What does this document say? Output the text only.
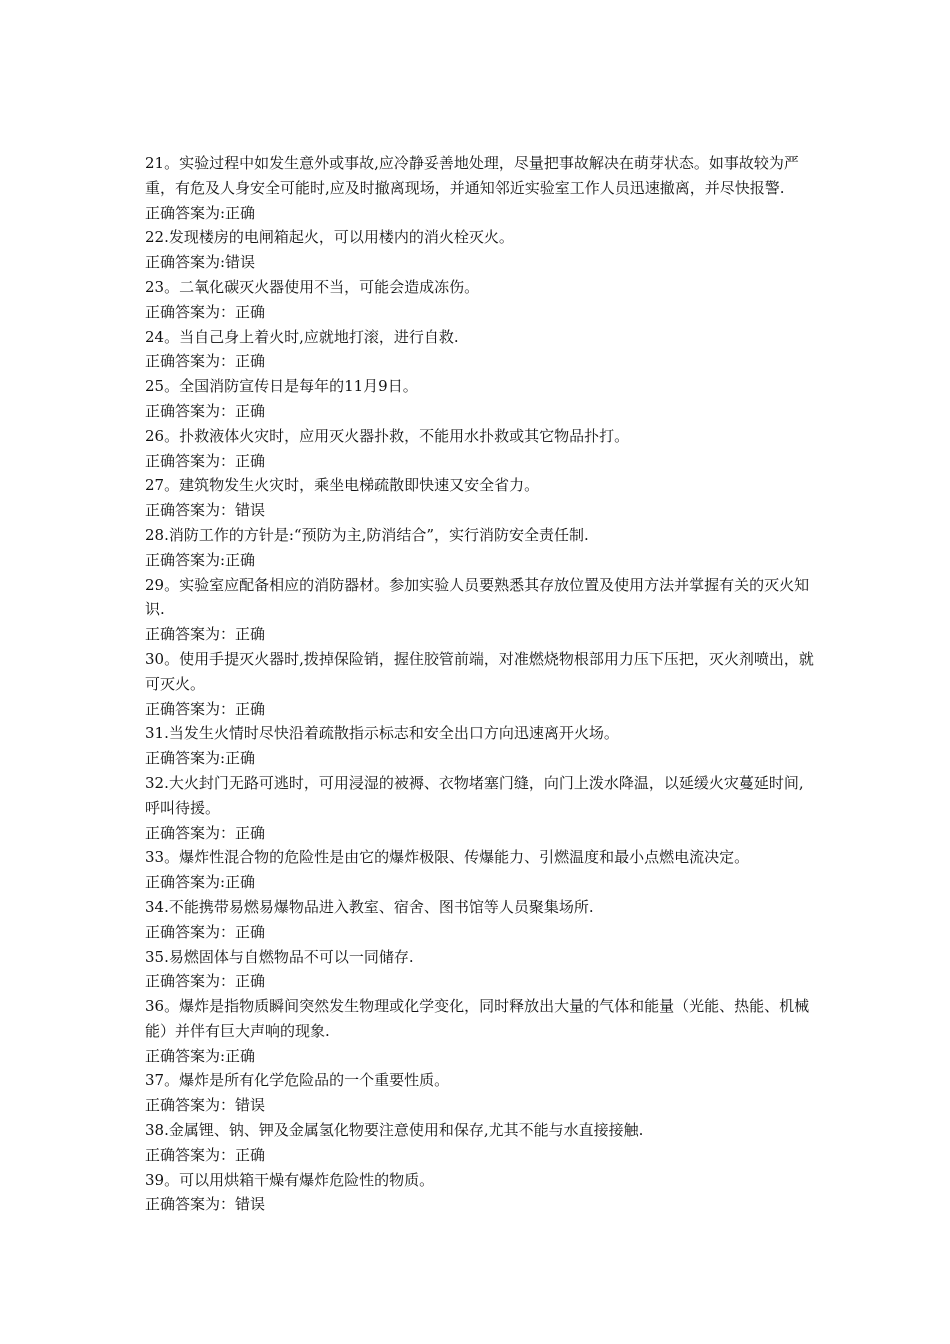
21。实验过程中如发生意外或事故,应冷静妥善地处理，尽量把事故解决在萌芽状态。如事故较为严重，有危及人身安全可能时,应及时撤离现场，并通知邻近实验室工作人员迅速撤离，并尽快报警.

正确答案为:正确

22.发现楼房的电闸箱起火，可以用楼内的消火栓灭火。

正确答案为:错误

23。二氧化碳灭火器使用不当，可能会造成冻伤。

正确答案为：正确

24。当自己身上着火时,应就地打滚，进行自救.

正确答案为：正确

25。全国消防宣传日是每年的11月9日。

正确答案为：正确

26。扑救液体火灾时，应用灭火器扑救，不能用水扑救或其它物品扑打。

正确答案为：正确

27。建筑物发生火灾时，乘坐电梯疏散即快速又安全省力。

正确答案为：错误

28.消防工作的方针是:“预防为主,防消结合”，实行消防安全责任制.

正确答案为:正确

29。实验室应配备相应的消防器材。参加实验人员要熟悉其存放位置及使用方法并掌握有关的灭火知识.

正确答案为：正确

30。使用手提灭火器时,拨掉保险销，握住胶管前端，对准燃烧物根部用力压下压把，灭火剂喷出，就可灭火。

正确答案为：正确

31.当发生火情时尽快沿着疏散指示标志和安全出口方向迅速离开火场。

正确答案为:正确

32.大火封门无路可逃时，可用浸湿的被褥、衣物堵塞门缝，向门上泼水降温，以延缓火灾蔓延时间,呼叫待援。

正确答案为：正确

33。爆炸性混合物的危险性是由它的爆炸极限、传爆能力、引燃温度和最小点燃电流决定。

正确答案为:正确

34.不能携带易燃易爆物品进入教室、宿舍、图书馆等人员聚集场所.

正确答案为：正确

35.易燃固体与自燃物品不可以一同储存.

正确答案为：正确

36。爆炸是指物质瞬间突然发生物理或化学变化，同时释放出大量的气体和能量（光能、热能、机械能）并伴有巨大声响的现象.

正确答案为:正确

37。爆炸是所有化学危险品的一个重要性质。

正确答案为：错误

38.金属锂、钠、钾及金属氢化物要注意使用和保存,尤其不能与水直接接触.

正确答案为：正确

39。可以用烘箱干燥有爆炸危险性的物质。

正确答案为：错误
